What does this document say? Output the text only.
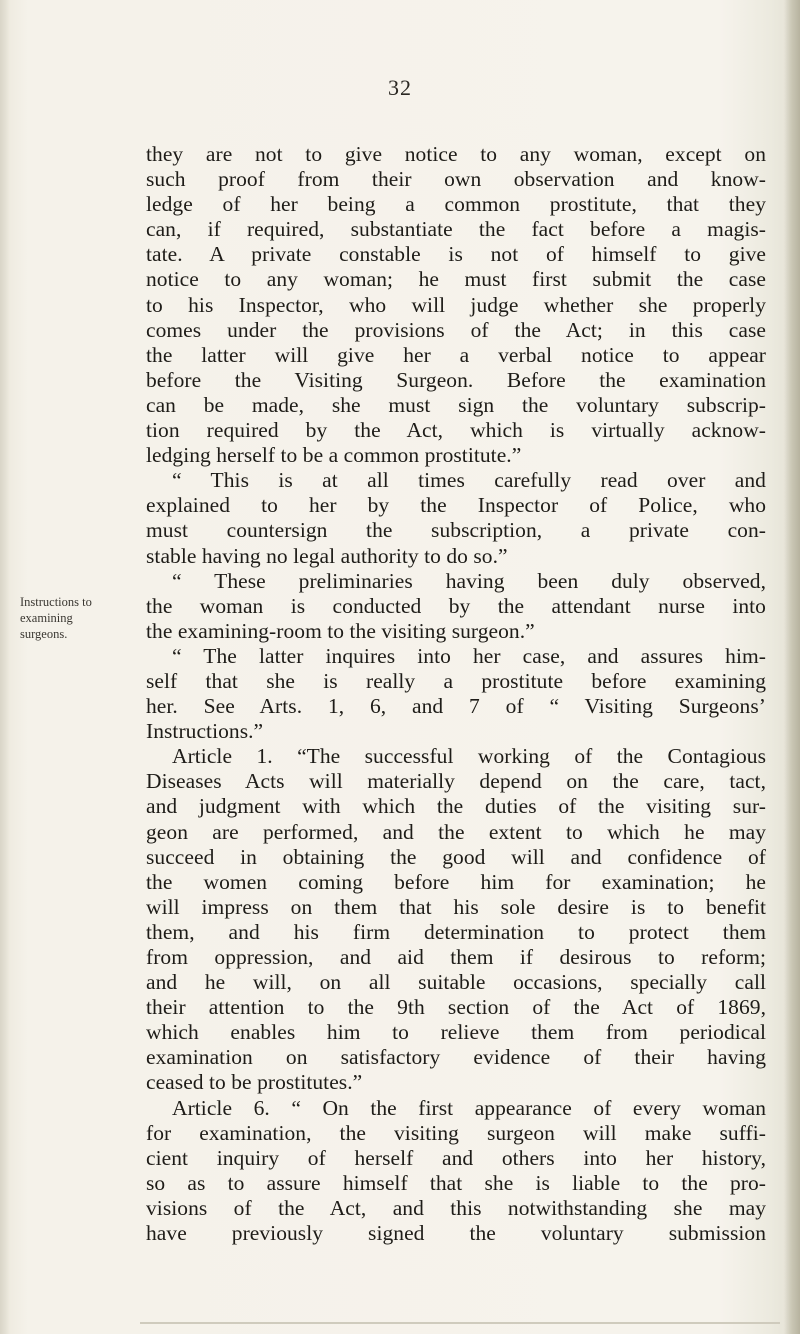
32
Instructions to
examining
surgeons.
they are not to give notice to any woman, except on
such proof from their own observation and know-
ledge of her being a common prostitute, that they
can, if required, substantiate the fact before a magis-
tate. A private constable is not of himself to give
notice to any woman; he must first submit the case
to his Inspector, who will judge whether she properly
comes under the provisions of the Act; in this case
the latter will give her a verbal notice to appear
before the Visiting Surgeon. Before the examination
can be made, she must sign the voluntary subscrip-
tion required by the Act, which is virtually acknow-
ledging herself to be a common prostitute.”
“ This is at all times carefully read over and
explained to her by the Inspector of Police, who
must countersign the subscription, a private con-
stable having no legal authority to do so.”
“ These preliminaries having been duly observed,
the woman is conducted by the attendant nurse into
the examining-room to the visiting surgeon.”
“ The latter inquires into her case, and assures him-
self that she is really a prostitute before examining
her. See Arts. 1, 6, and 7 of “ Visiting Surgeons’
Instructions.”
Article 1. “The successful working of the Contagious
Diseases Acts will materially depend on the care, tact,
and judgment with which the duties of the visiting sur-
geon are performed, and the extent to which he may
succeed in obtaining the good will and confidence of
the women coming before him for examination; he
will impress on them that his sole desire is to benefit
them, and his firm determination to protect them
from oppression, and aid them if desirous to reform;
and he will, on all suitable occasions, specially call
their attention to the 9th section of the Act of 1869,
which enables him to relieve them from periodical
examination on satisfactory evidence of their having
ceased to be prostitutes.”
Article 6. “ On the first appearance of every woman
for examination, the visiting surgeon will make suffi-
cient inquiry of herself and others into her history,
so as to assure himself that she is liable to the pro-
visions of the Act, and this notwithstanding she may
have previously signed the voluntary submission
